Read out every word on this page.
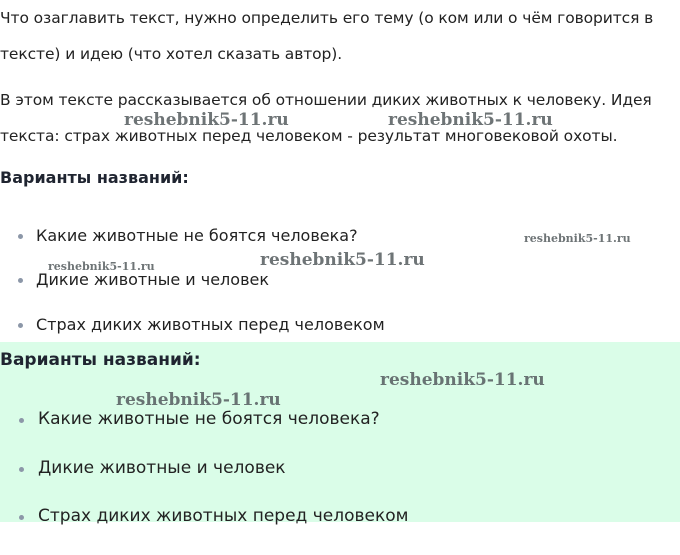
Что озаглавить текст, нужно определить его тему (о ком или о чём говорится в тексте) и идею (что хотел сказать автор).

В этом тексте рассказывается об отношении диких животных к человеку. Идея текста: страх животных перед человеком - результат многовековой охоты.

Варианты названий:
Какие животные не боятся человека?
Дикие животные и человек
Страх диких животных перед человеком
Варианты названий:
Какие животные не боятся человека?
Дикие животные и человек
Страх диких животных перед человеком
reshebnik5-11.ru	reshebnik5-11.ru
reshebnik5-11.ru
reshebnik5-11.ru	reshebnik5-11.ru
reshebnik5-11.ru
reshebnik5-11.ru
